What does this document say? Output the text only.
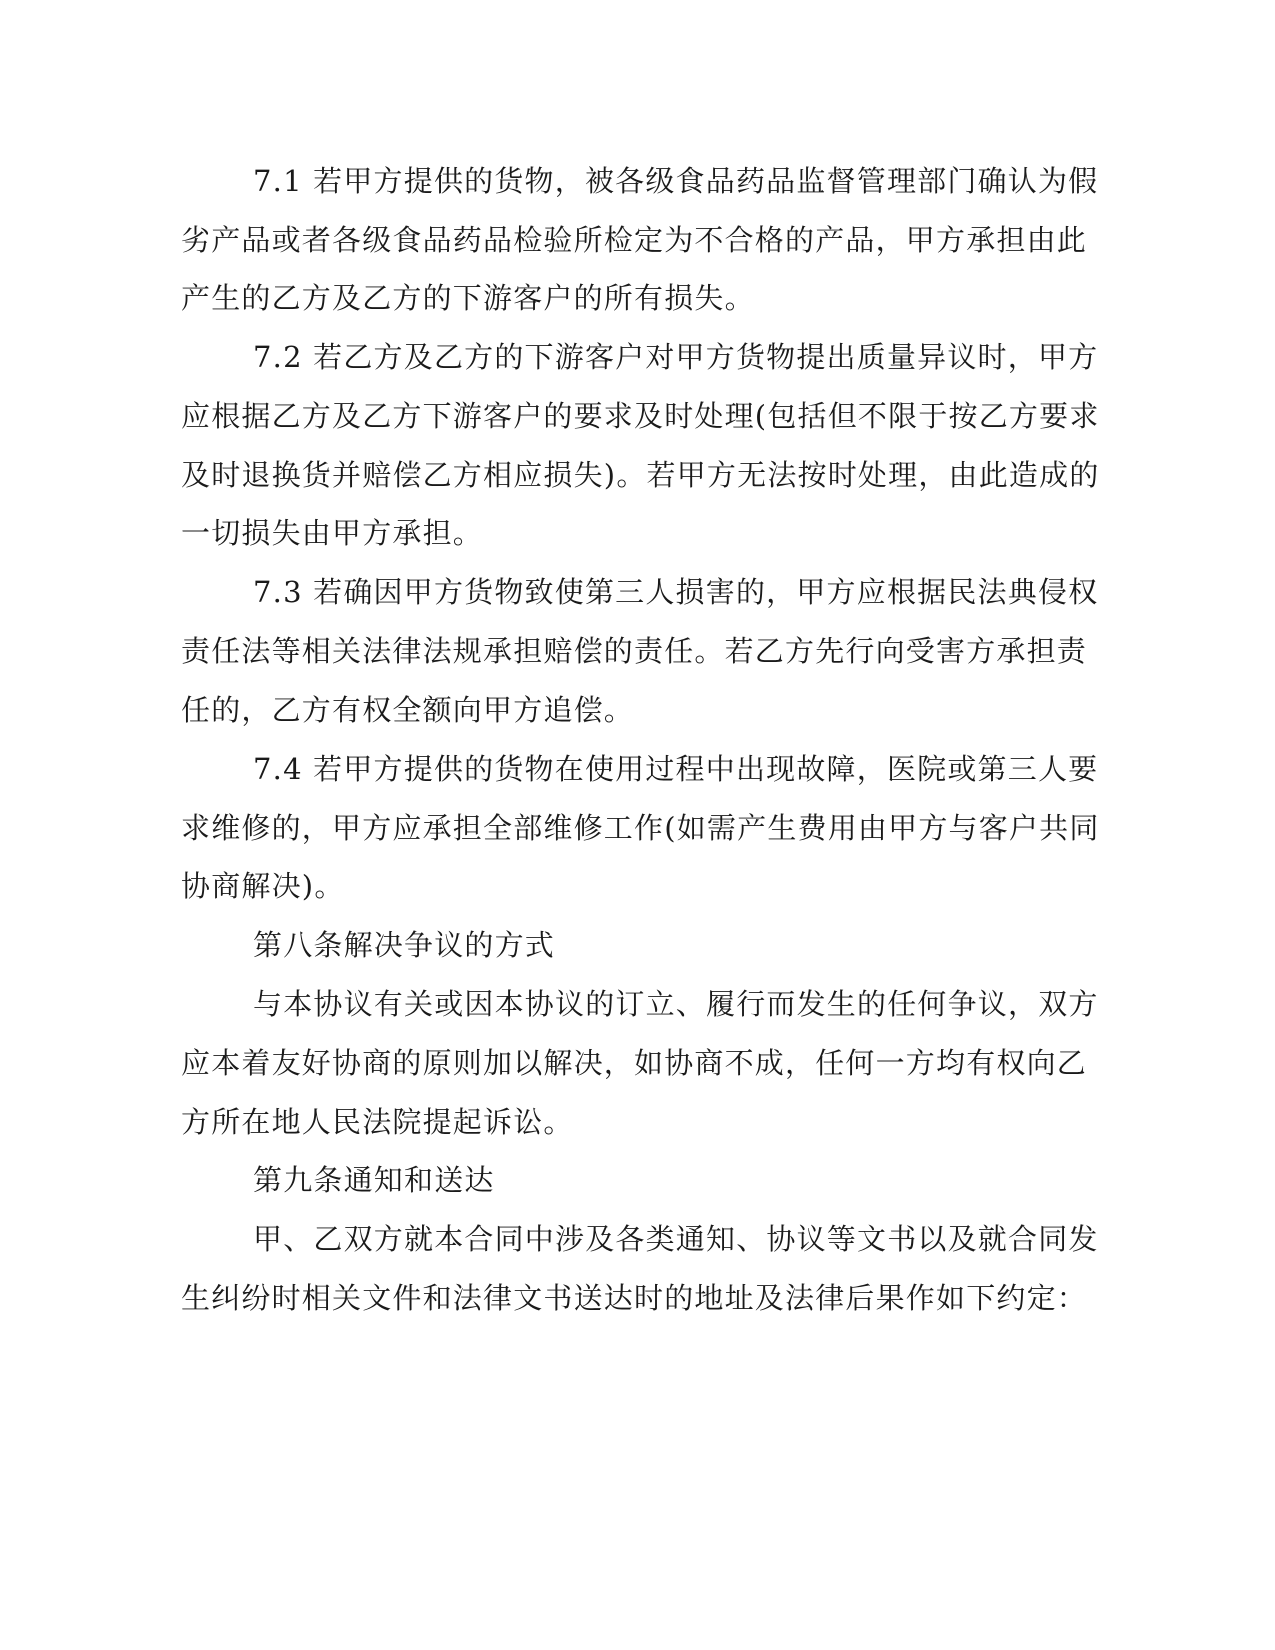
7.1 若甲方提供的货物，被各级食品药品监督管理部门确认为假
劣产品或者各级食品药品检验所检定为不合格的产品，甲方承担由此
产生的乙方及乙方的下游客户的所有损失。
7.2 若乙方及乙方的下游客户对甲方货物提出质量异议时，甲方
应根据乙方及乙方下游客户的要求及时处理(包括但不限于按乙方要求
及时退换货并赔偿乙方相应损失)。若甲方无法按时处理，由此造成的
一切损失由甲方承担。
7.3 若确因甲方货物致使第三人损害的，甲方应根据民法典侵权
责任法等相关法律法规承担赔偿的责任。若乙方先行向受害方承担责
任的，乙方有权全额向甲方追偿。
7.4 若甲方提供的货物在使用过程中出现故障，医院或第三人要
求维修的，甲方应承担全部维修工作(如需产生费用由甲方与客户共同
协商解决)。
第八条解决争议的方式
与本协议有关或因本协议的订立、履行而发生的任何争议，双方
应本着友好协商的原则加以解决，如协商不成，任何一方均有权向乙
方所在地人民法院提起诉讼。
第九条通知和送达
甲、乙双方就本合同中涉及各类通知、协议等文书以及就合同发
生纠纷时相关文件和法律文书送达时的地址及法律后果作如下约定：
